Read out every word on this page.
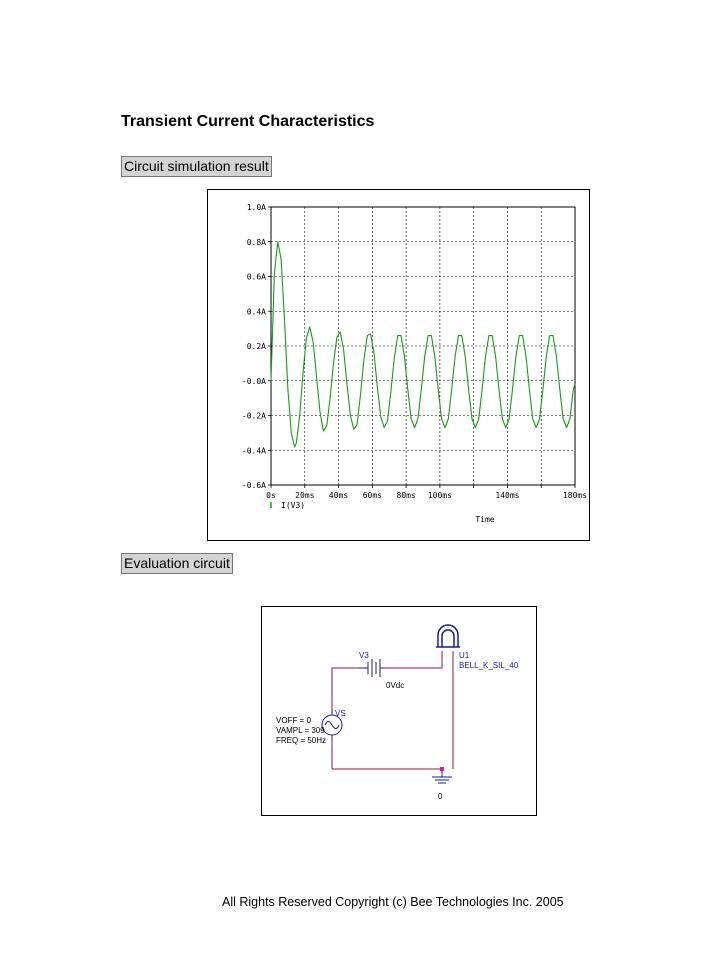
Transient Current Characteristics
Circuit simulation result
1.0A
0.8A
0.6A
0.4A
0.2A
-0.0A
-0.2A
-0.4A
-0.6A
0s 20ms 40ms 60ms 80ms 100ms	140ms	180ms
Time
I(V3)
Evaluation circuit
V3
0Vdc
VS
VOFF = 0
VAMPL = 309
FREQ = 50Hz
U1
BELL_K_SIL_40
0
All Rights Reserved Copyright (c) Bee Technologies Inc. 2005
